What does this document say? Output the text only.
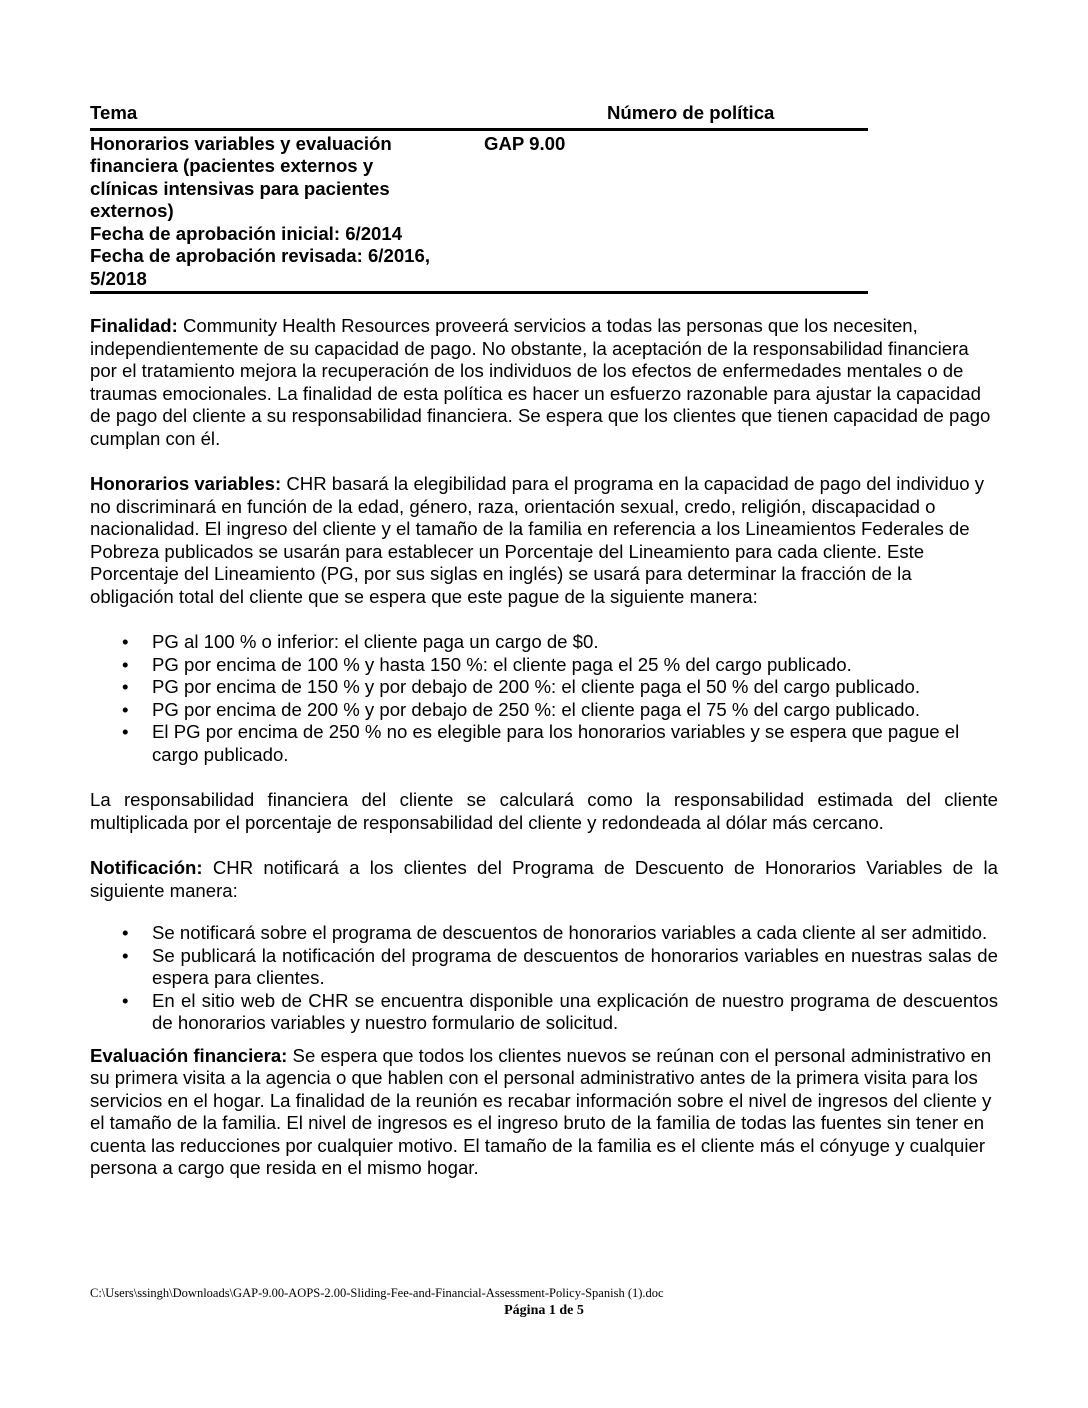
Tema	Número de política
Honorarios variables y evaluación
financiera (pacientes externos y
clínicas intensivas para pacientes
externos)
Fecha de aprobación inicial: 6/2014
Fecha de aprobación revisada: 6/2016,
5/2018
GAP 9.00

Finalidad: Community Health Resources proveerá servicios a todas las personas que los necesiten, independientemente de su capacidad de pago. No obstante, la aceptación de la responsabilidad financiera por el tratamiento mejora la recuperación de los individuos de los efectos de enfermedades mentales o de traumas emocionales. La finalidad de esta política es hacer un esfuerzo razonable para ajustar la capacidad de pago del cliente a su responsabilidad financiera. Se espera que los clientes que tienen capacidad de pago cumplan con él.

Honorarios variables: CHR basará la elegibilidad para el programa en la capacidad de pago del individuo y no discriminará en función de la edad, género, raza, orientación sexual, credo, religión, discapacidad o nacionalidad. El ingreso del cliente y el tamaño de la familia en referencia a los Lineamientos Federales de Pobreza publicados se usarán para establecer un Porcentaje del Lineamiento para cada cliente. Este Porcentaje del Lineamiento (PG, por sus siglas en inglés) se usará para determinar la fracción de la obligación total del cliente que se espera que este pague de la siguiente manera:

• PG al 100 % o inferior: el cliente paga un cargo de $0.
• PG por encima de 100 % y hasta 150 %: el cliente paga el 25 % del cargo publicado.
• PG por encima de 150 % y por debajo de 200 %: el cliente paga el 50 % del cargo publicado.
• PG por encima de 200 % y por debajo de 250 %: el cliente paga el 75 % del cargo publicado.
• El PG por encima de 250 % no es elegible para los honorarios variables y se espera que pague el cargo publicado.

La responsabilidad financiera del cliente se calculará como la responsabilidad estimada del cliente multiplicada por el porcentaje de responsabilidad del cliente y redondeada al dólar más cercano.

Notificación: CHR notificará a los clientes del Programa de Descuento de Honorarios Variables de la siguiente manera:

• Se notificará sobre el programa de descuentos de honorarios variables a cada cliente al ser admitido.
• Se publicará la notificación del programa de descuentos de honorarios variables en nuestras salas de espera para clientes.
• En el sitio web de CHR se encuentra disponible una explicación de nuestro programa de descuentos de honorarios variables y nuestro formulario de solicitud.

Evaluación financiera: Se espera que todos los clientes nuevos se reúnan con el personal administrativo en su primera visita a la agencia o que hablen con el personal administrativo antes de la primera visita para los servicios en el hogar. La finalidad de la reunión es recabar información sobre el nivel de ingresos del cliente y el tamaño de la familia. El nivel de ingresos es el ingreso bruto de la familia de todas las fuentes sin tener en cuenta las reducciones por cualquier motivo. El tamaño de la familia es el cliente más el cónyuge y cualquier persona a cargo que resida en el mismo hogar.

C:\Users\ssingh\Downloads\GAP-9.00-AOPS-2.00-Sliding-Fee-and-Financial-Assessment-Policy-Spanish (1).doc
Página 1 de 5
